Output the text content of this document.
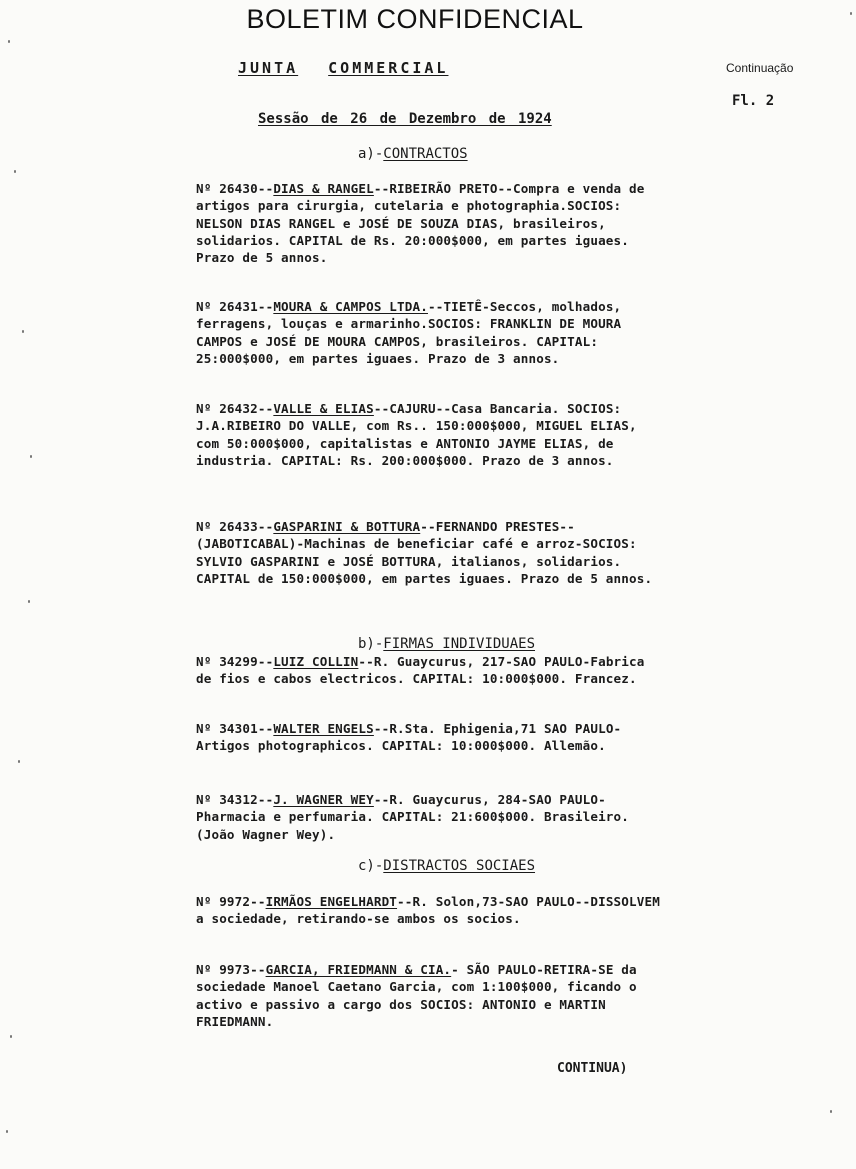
BOLETIM CONFIDENCIAL
JUNTA COMMERCIAL	Continuação
Fl. 2
Sessão de 26 de Dezembro de 1924
a)-CONTRACTOS
Nº 26430--DIAS & RANGEL--RIBEIRÃO PRETO--Compra e venda de artigos para cirurgia, cutelaria e photographia.SOCIOS: NELSON DIAS RANGEL e JOSÉ DE SOUZA DIAS, brasileiros, solidarios. CAPITAL de Rs. 20:000$000, em partes iguaes. Prazo de 5 annos.
Nº 26431--MOURA & CAMPOS LTDA.--TIETÊ-Seccos, molhados, ferragens, louças e armarinho.SOCIOS: FRANKLIN DE MOURA CAMPOS e JOSÉ DE MOURA CAMPOS, brasileiros. CAPITAL: 25:000$000, em partes iguaes. Prazo de 3 annos.
Nº 26432--VALLE & ELIAS--CAJURU--Casa Bancaria. SOCIOS: J.A.RIBEIRO DO VALLE, com Rs.. 150:000$000, MIGUEL ELIAS, com 50:000$000, capitalistas e ANTONIO JAYME ELIAS, de industria. CAPITAL: Rs. 200:000$000. Prazo de 3 annos.
Nº 26433--GASPARINI & BOTTURA--FERNANDO PRESTES--(JABOTICABAL)-Machinas de beneficiar café e arroz-SOCIOS: SYLVIO GASPARINI e JOSÉ BOTTURA, italianos, solidarios. CAPITAL de 150:000$000, em partes iguaes. Prazo de 5 annos.
b)-FIRMAS INDIVIDUAES
Nº 34299--LUIZ COLLIN--R. Guaycurus, 217-SAO PAULO-Fabrica de fios e cabos electricos. CAPITAL: 10:000$000. Francez.
Nº 34301--WALTER ENGELS--R.Sta. Ephigenia,71 SAO PAULO-Artigos photographicos. CAPITAL: 10:000$000. Allemão.
Nº 34312--J. WAGNER WEY--R. Guaycurus, 284-SAO PAULO-Pharmacia e perfumaria. CAPITAL: 21:600$000. Brasileiro.(João Wagner Wey).
c)-DISTRACTOS SOCIAES
Nº 9972--IRMÃOS ENGELHARDT--R. Solon,73-SAO PAULO--DISSOLVEM a sociedade, retirando-se ambos os socios.
Nº 9973--GARCIA, FRIEDMANN & CIA.- SÃO PAULO-RETIRA-SE da sociedade Manoel Caetano Garcia, com 1:100$000, ficando o activo e passivo a cargo dos SOCIOS: ANTONIO e MARTIN FRIEDMANN.
CONTINUA)
